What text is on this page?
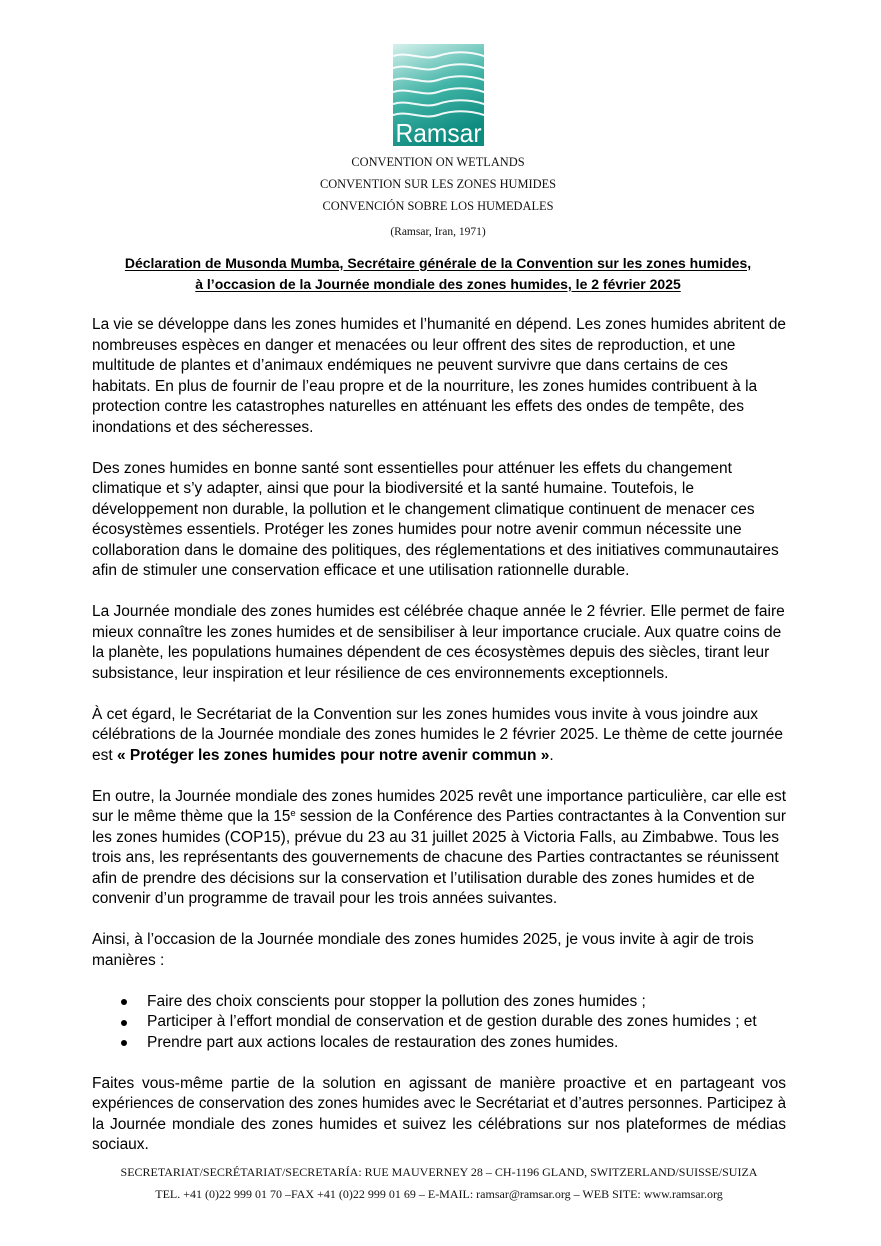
Ramsar
CONVENTION ON WETLANDS
CONVENTION SUR LES ZONES HUMIDES
CONVENCIÓN SOBRE LOS HUMEDALES
(Ramsar, Iran, 1971)
Déclaration de Musonda Mumba, Secrétaire générale de la Convention sur les zones humides,
à l’occasion de la Journée mondiale des zones humides, le 2 février 2025
La vie se développe dans les zones humides et l’humanité en dépend. Les zones humides abritent de
nombreuses espèces en danger et menacées ou leur offrent des sites de reproduction, et une
multitude de plantes et d’animaux endémiques ne peuvent survivre que dans certains de ces
habitats. En plus de fournir de l’eau propre et de la nourriture, les zones humides contribuent à la
protection contre les catastrophes naturelles en atténuant les effets des ondes de tempête, des
inondations et des sécheresses.
Des zones humides en bonne santé sont essentielles pour atténuer les effets du changement
climatique et s’y adapter, ainsi que pour la biodiversité et la santé humaine. Toutefois, le
développement non durable, la pollution et le changement climatique continuent de menacer ces
écosystèmes essentiels. Protéger les zones humides pour notre avenir commun nécessite une
collaboration dans le domaine des politiques, des réglementations et des initiatives communautaires
afin de stimuler une conservation efficace et une utilisation rationnelle durable.
La Journée mondiale des zones humides est célébrée chaque année le 2 février. Elle permet de faire
mieux connaître les zones humides et de sensibiliser à leur importance cruciale. Aux quatre coins de
la planète, les populations humaines dépendent de ces écosystèmes depuis des siècles, tirant leur
subsistance, leur inspiration et leur résilience de ces environnements exceptionnels.
À cet égard, le Secrétariat de la Convention sur les zones humides vous invite à vous joindre aux
célébrations de la Journée mondiale des zones humides le 2 février 2025. Le thème de cette journée
est « Protéger les zones humides pour notre avenir commun ».
En outre, la Journée mondiale des zones humides 2025 revêt une importance particulière, car elle est
sur le même thème que la 15e session de la Conférence des Parties contractantes à la Convention sur
les zones humides (COP15), prévue du 23 au 31 juillet 2025 à Victoria Falls, au Zimbabwe. Tous les
trois ans, les représentants des gouvernements de chacune des Parties contractantes se réunissent
afin de prendre des décisions sur la conservation et l’utilisation durable des zones humides et de
convenir d’un programme de travail pour les trois années suivantes.
Ainsi, à l’occasion de la Journée mondiale des zones humides 2025, je vous invite à agir de trois
manières :
Faire des choix conscients pour stopper la pollution des zones humides ;
Participer à l’effort mondial de conservation et de gestion durable des zones humides ; et
Prendre part aux actions locales de restauration des zones humides.
Faites vous-même partie de la solution en agissant de manière proactive et en partageant vos
expériences de conservation des zones humides avec le Secrétariat et d’autres personnes. Participez à
la Journée mondiale des zones humides et suivez les célébrations sur nos plateformes de médias
sociaux.
SECRETARIAT/SECRÉTARIAT/SECRETARÍA: RUE MAUVERNEY 28 – CH-1196 GLAND, SWITZERLAND/SUISSE/SUIZA
TEL. +41 (0)22 999 01 70 –FAX +41 (0)22 999 01 69 – E-MAIL: ramsar@ramsar.org – WEB SITE: www.ramsar.org
